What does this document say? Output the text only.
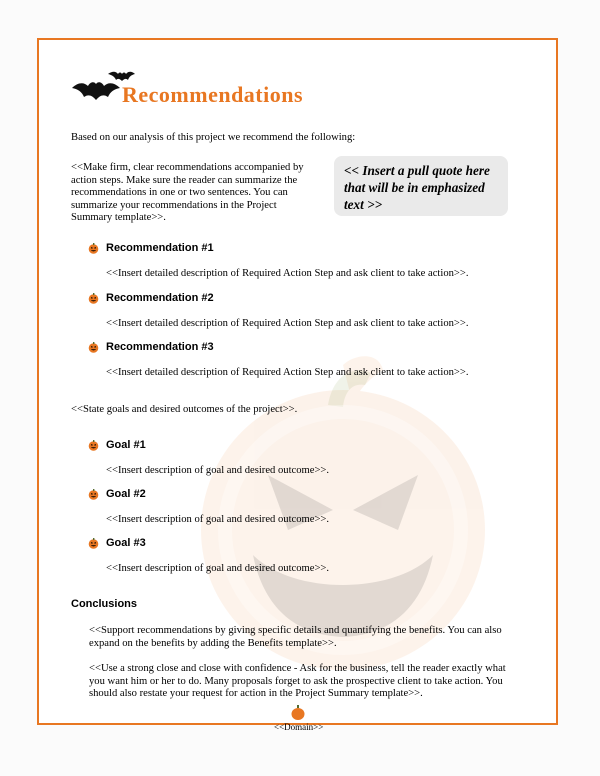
Recommendations
Based on our analysis of this project we recommend the following:
<<Make firm, clear recommendations accompanied by
action steps. Make sure the reader can summarize the
recommendations in one or two sentences. You can
summarize your recommendations in the Project
Summary template>>.
<< Insert a pull quote here
that will be in emphasized
text >>
Recommendation #1
<<Insert detailed description of Required Action Step and ask client to take action>>.
Recommendation #2
<<Insert detailed description of Required Action Step and ask client to take action>>.
Recommendation #3
<<Insert detailed description of Required Action Step and ask client to take action>>.
<<State goals and desired outcomes of the project>>.
Goal #1
<<Insert description of goal and desired outcome>>.
Goal #2
<<Insert description of goal and desired outcome>>.
Goal #3
<<Insert description of goal and desired outcome>>.
Conclusions
<<Support recommendations by giving specific details and quantifying the benefits. You can also
expand on the benefits by adding the Benefits template>>.
<<Use a strong close and close with confidence - Ask for the business, tell the reader exactly what
you want him or her to do. Many proposals forget to ask the prospective client to take action. You
should also restate your request for action in the Project Summary template>>.
<<Domain>>
